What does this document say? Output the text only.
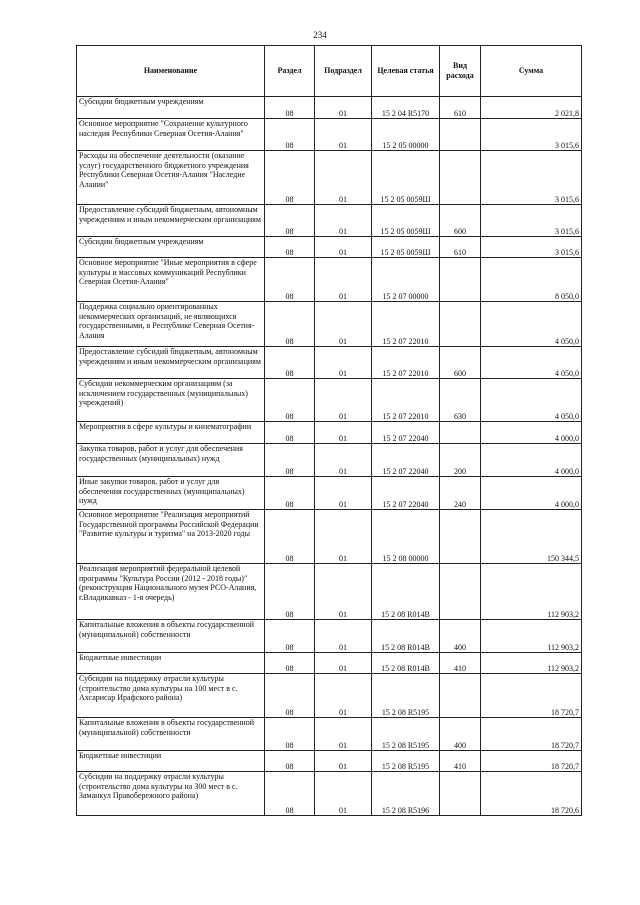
234
Наименование	Раздел	Подраздел	Целевая статья	Вид расхода	Сумма
Субсидии бюджетным учреждениям	08	01	15 2 04 R5170	610	2 021,8
Основное мероприятие "Сохранение культурного наследия Республики Северная Осетия-Алания"	08	01	15 2 05 00000		3 015,6
Расходы на обеспечение деятельности (оказание услуг) государственного бюджетного учреждения Республики Северная Осетия-Алания "Наследие Алании"	08	01	15 2 05 0059Ш		3 015,6
Предоставление субсидий бюджетным, автономным учреждениям и иным некоммерческим организациям	08	01	15 2 05 0059Ш	600	3 015,6
Субсидии бюджетным учреждениям	08	01	15 2 05 0059Ш	610	3 015,6
Основное мероприятие "Иные мероприятия в сфере культуры и массовых коммуникаций Республики Северная Осетия-Алания"	08	01	15 2 07 00000		8 050,0
Поддержка социально ориентированных некоммерческих организаций, не являющихся государственными, в Республике Северная Осетия-Алания	08	01	15 2 07 22010		4 050,0
Предоставление субсидий бюджетным, автономным учреждениям и иным некоммерческим организациям	08	01	15 2 07 22010	600	4 050,0
Субсидии некоммерческим организациям (за исключением государственных (муниципальных) учреждений)	08	01	15 2 07 22010	630	4 050,0
Мероприятия в сфере культуры и кинематографии	08	01	15 2 07 22040		4 000,0
Закупка товаров, работ и услуг для обеспечения государственных (муниципальных) нужд	08	01	15 2 07 22040	200	4 000,0
Иные закупки товаров, работ и услуг для обеспечения государственных (муниципальных) нужд	08	01	15 2 07 22040	240	4 000,0
Основное мероприятие "Реализация мероприятий Государственной программы Российской Федерации "Развитие культуры и туризма" на 2013-2020 годы	08	01	15 2 08 00000		150 344,5
Реализация мероприятий федеральной целевой программы "Культура России (2012 - 2018 годы)" (реконструкция Национального музея РСО-Алания, г.Владикавказ - 1-я очередь)	08	01	15 2 08 R014B		112 903,2
Капитальные вложения в объекты государственной (муниципальной) собственности	08	01	15 2 08 R014B	400	112 903,2
Бюджетные инвестиции	08	01	15 2 08 R014B	410	112 903,2
Субсидии на поддержку отрасли культуры (строительство дома культуры на 100 мест в с. Ахсарисар Ирафского района)	08	01	15 2 08 R5195		18 720,7
Капитальные вложения в объекты государственной (муниципальной) собственности	08	01	15 2 08 R5195	400	18 720,7
Бюджетные инвестиции	08	01	15 2 08 R5195	410	18 720,7
Субсидии на поддержку отрасли культуры (строительство дома культуры на 300 мест в с. Заманкул Правобережного района)	08	01	15 2 08 R5196		18 720,6
